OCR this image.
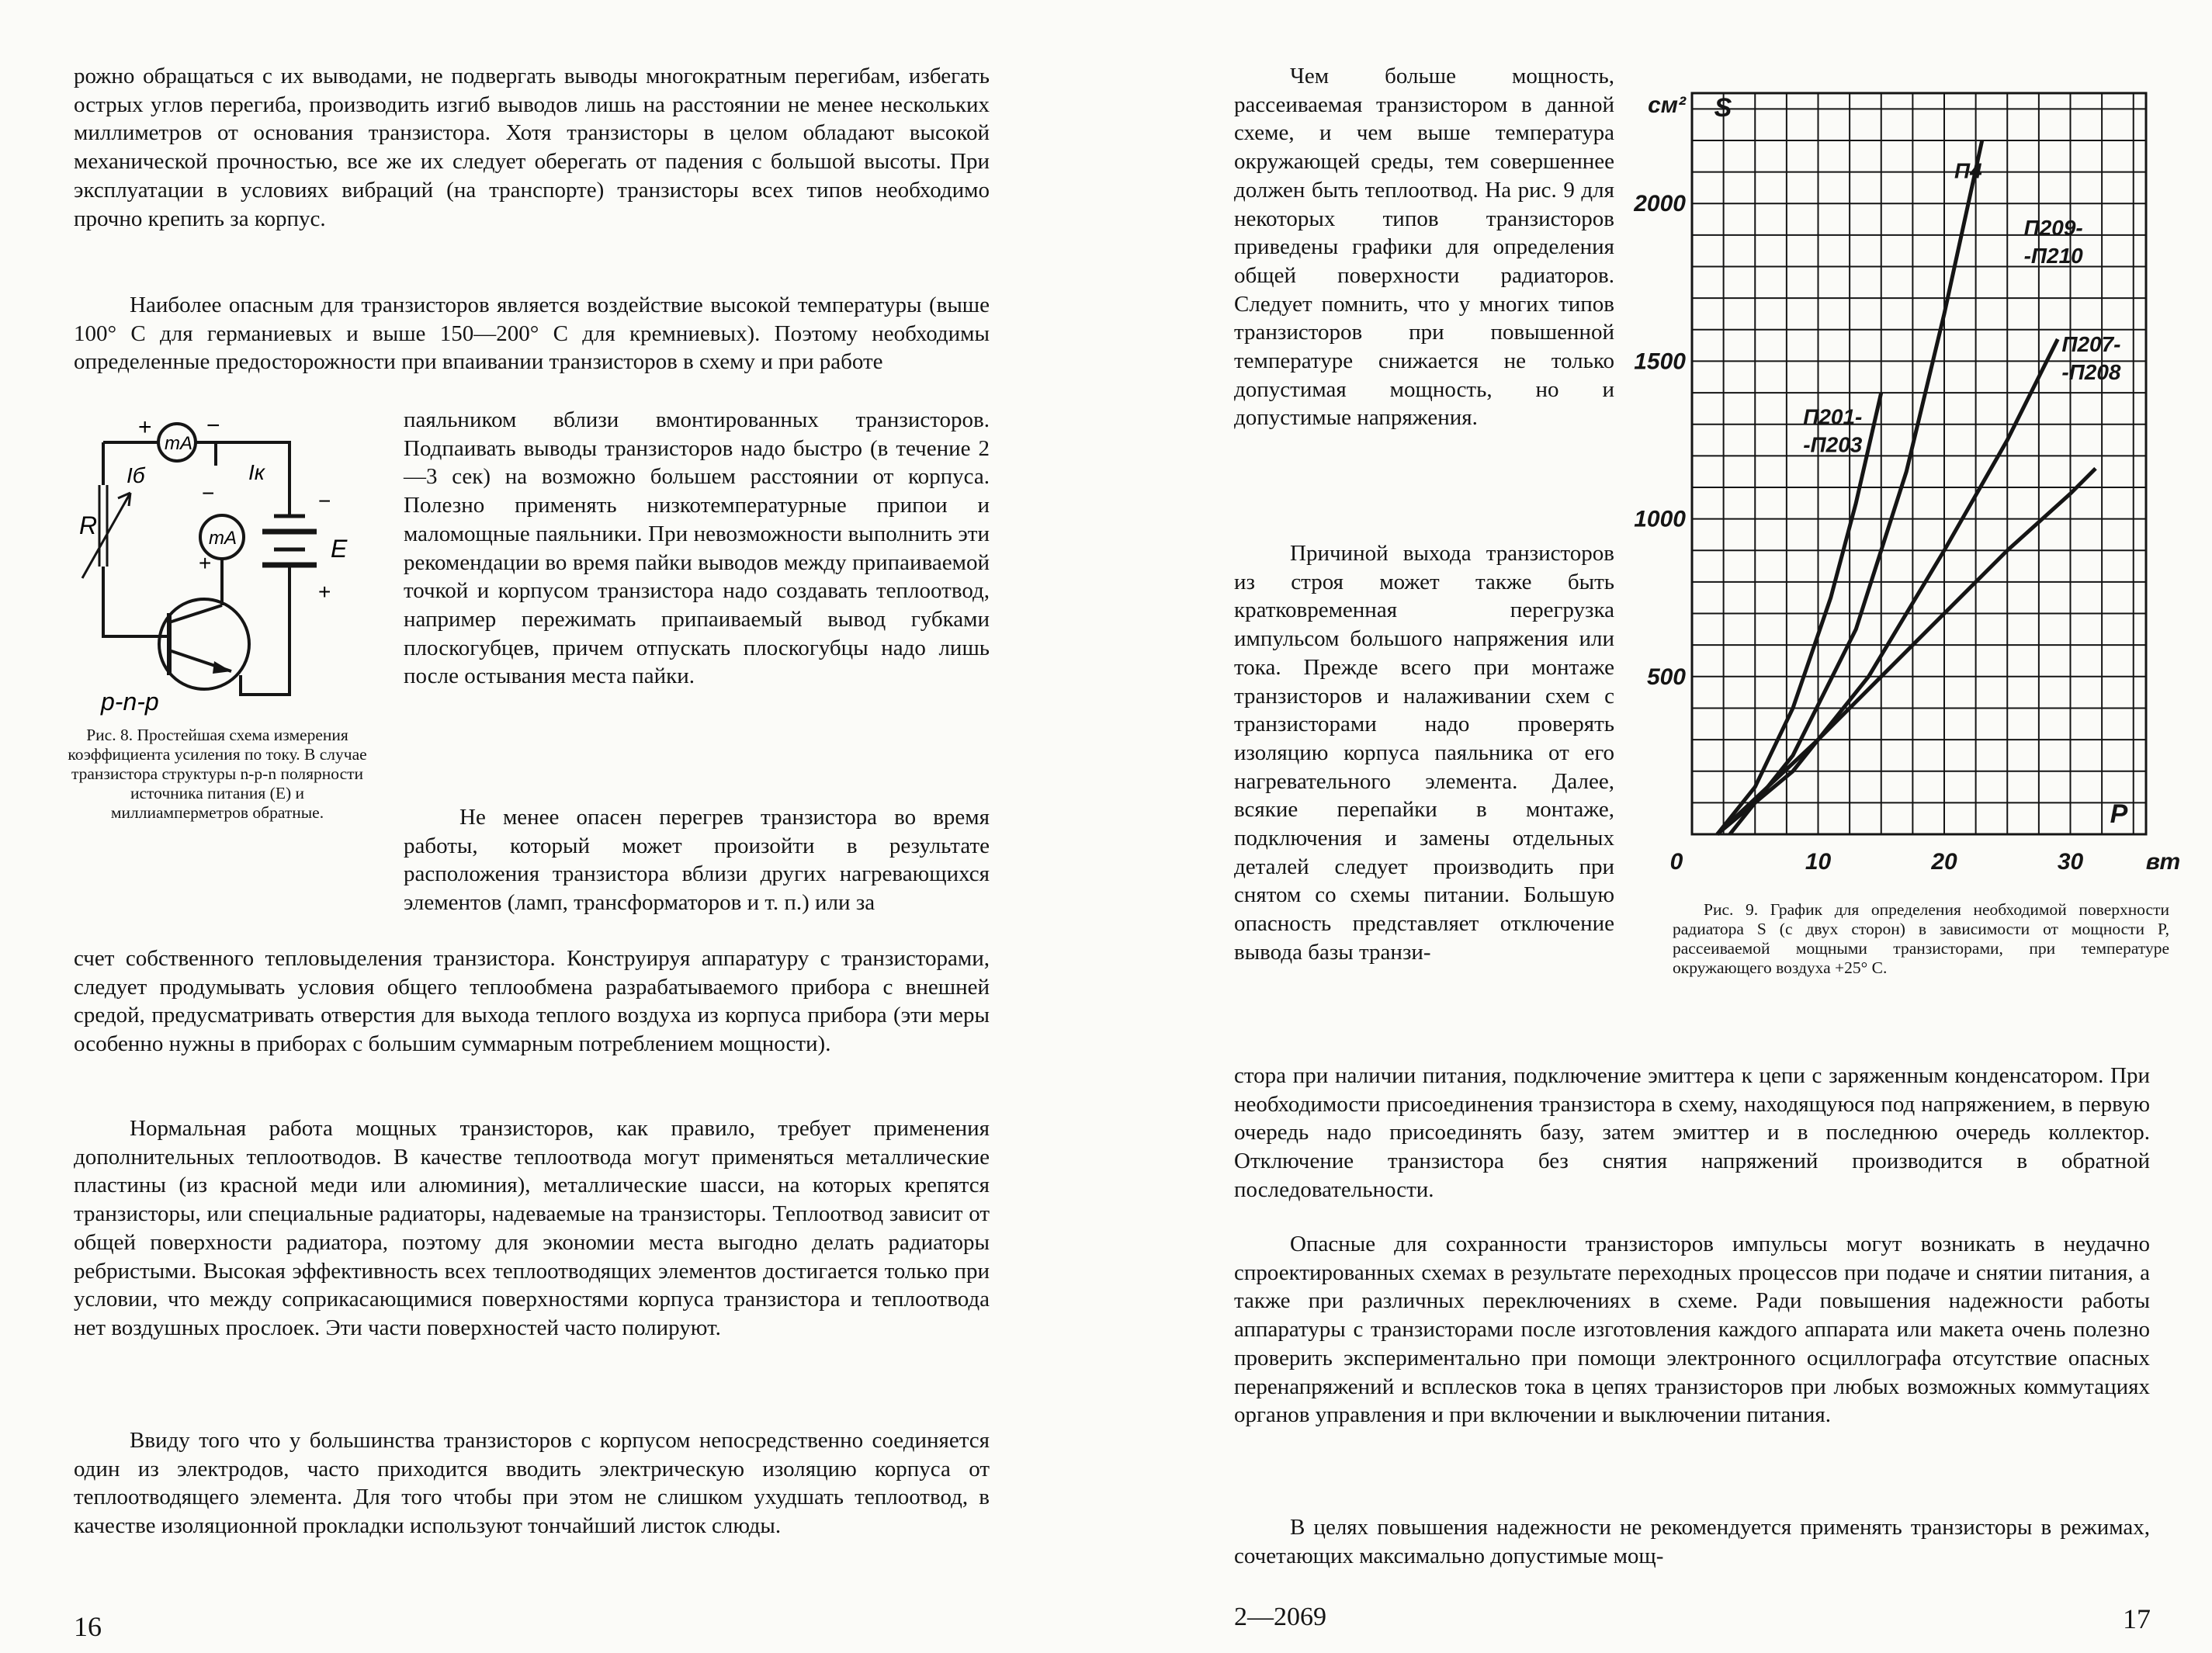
рожно обращаться с их выводами, не подвергать выводы многократным перегибам, избегать острых углов перегиба, производить изгиб выводов лишь на расстоянии не менее нескольких миллиметров от основания транзистора. Хотя транзисторы в целом обладают высокой механической прочностью, все же их следует оберегать от падения с большой высоты. При эксплуатации в условиях вибраций (на транспорте) транзисторы всех типов необходимо прочно крепить за корпус.

Наиболее опасным для транзисторов является воздействие высокой температуры (выше 100° С для германиевых и выше 150—200° С для кремниевых). Поэтому необходимы определенные предосторожности при впаивании транзисторов в схему и при работе

mA
mA
+ −
Iб	Iк
R
+
−
E
−
+
p-n-p

Рис. 8. Простейшая схема измерения коэффициента усиления по току. В случае транзистора структуры n-p-n полярности источника питания (E) и миллиамперметров обратные.

паяльником вблизи вмонтированных транзисторов. Подпаивать выводы транзисторов надо быстро (в течение 2—3 сек) на возможно большем расстоянии от корпуса. Полезно применять низкотемпературные припои и маломощные паяльники. При невозможности выполнить эти рекомендации во время пайки выводов между припаиваемой точкой и корпусом транзистора надо создавать теплоотвод, например пережимать припаиваемый вывод губками плоскогубцев, причем отпускать плоскогубцы надо лишь после остывания места пайки.

Не менее опасен перегрев транзистора во время работы, который может произойти в результате расположения транзистора вблизи других нагревающихся элементов (ламп, трансформаторов и т. п.) или за

счет собственного тепловыделения транзистора. Конструируя аппаратуру с транзисторами, следует продумывать условия общего теплообмена разрабатываемого прибора с внешней средой, предусматривать отверстия для выхода теплого воздуха из корпуса прибора (эти меры особенно нужны в приборах с большим суммарным потреблением мощности).

Нормальная работа мощных транзисторов, как правило, требует применения дополнительных теплоотводов. В качестве теплоотвода могут применяться металлические пластины (из красной меди или алюминия), металлические шасси, на которых крепятся транзисторы, или специальные радиаторы, надеваемые на транзисторы. Теплоотвод зависит от общей поверхности радиатора, поэтому для экономии места выгодно делать радиаторы ребристыми. Высокая эффективность всех теплоотводящих элементов достигается только при условии, что между соприкасающимися поверхностями корпуса транзистора и теплоотвода нет воздушных прослоек. Эти части поверхностей часто полируют.

Ввиду того что у большинства транзисторов с корпусом непосредственно соединяется один из электродов, часто приходится вводить электрическую изоляцию корпуса от теплоотводящего элемента. Для того чтобы при этом не слишком ухудшать теплоотвод, в качестве изоляционной прокладки используют тончайший листок слюды.

16

Чем больше мощность, рассеиваемая транзистором в данной схеме, и чем выше температура окружающей среды, тем совершеннее должен быть теплоотвод. На рис. 9 для некоторых типов транзисторов приведены графики для определения общей поверхности радиаторов. Следует помнить, что у многих типов транзисторов при повышенной температуре снижается не только допустимая мощность, но и допустимые напряжения.

Причиной выхода транзисторов из строя может также быть кратковременная перегрузка импульсом большого напряжения или тока. Прежде всего при монтаже транзисторов и налаживании схем с транзисторами надо проверять изоляцию корпуса паяльника от его нагревательного элемента. Далее, всякие перепайки в монтаже, подключения и замены отдельных деталей следует производить при снятом со схемы питании. Большую опасность представляет отключение вывода базы транзи-

500
1000
1500
2000
10	20	30
0
см² S
P
вт
П201-
-П203
П4
П209-
-П210
П207-
-П208

Рис. 9. График для определения необходимой поверхности радиатора S (с двух сторон) в зависимости от мощности P, рассеиваемой мощными транзисторами, при температуре окружающего воздуха +25° С.

стора при наличии питания, подключение эмиттера к цепи с заряженным конденсатором. При необходимости присоединения транзистора в схему, находящуюся под напряжением, в первую очередь надо присоединять базу, затем эмиттер и в последнюю очередь коллектор. Отключение транзистора без снятия напряжений производится в обратной последовательности.

Опасные для сохранности транзисторов импульсы могут возникать в неудачно спроектированных схемах в результате переходных процессов при подаче и снятии питания, а также при различных переключениях в схеме. Ради повышения надежности работы аппаратуры с транзисторами после изготовления каждого аппарата или макета очень полезно проверить экспериментально при помощи электронного осциллографа отсутствие опасных перенапряжений и всплесков тока в цепях транзисторов при любых возможных коммутациях органов управления и при включении и выключении питания.

В целях повышения надежности не рекомендуется применять транзисторы в режимах, сочетающих максимально допустимые мощ-

2—2069	17
